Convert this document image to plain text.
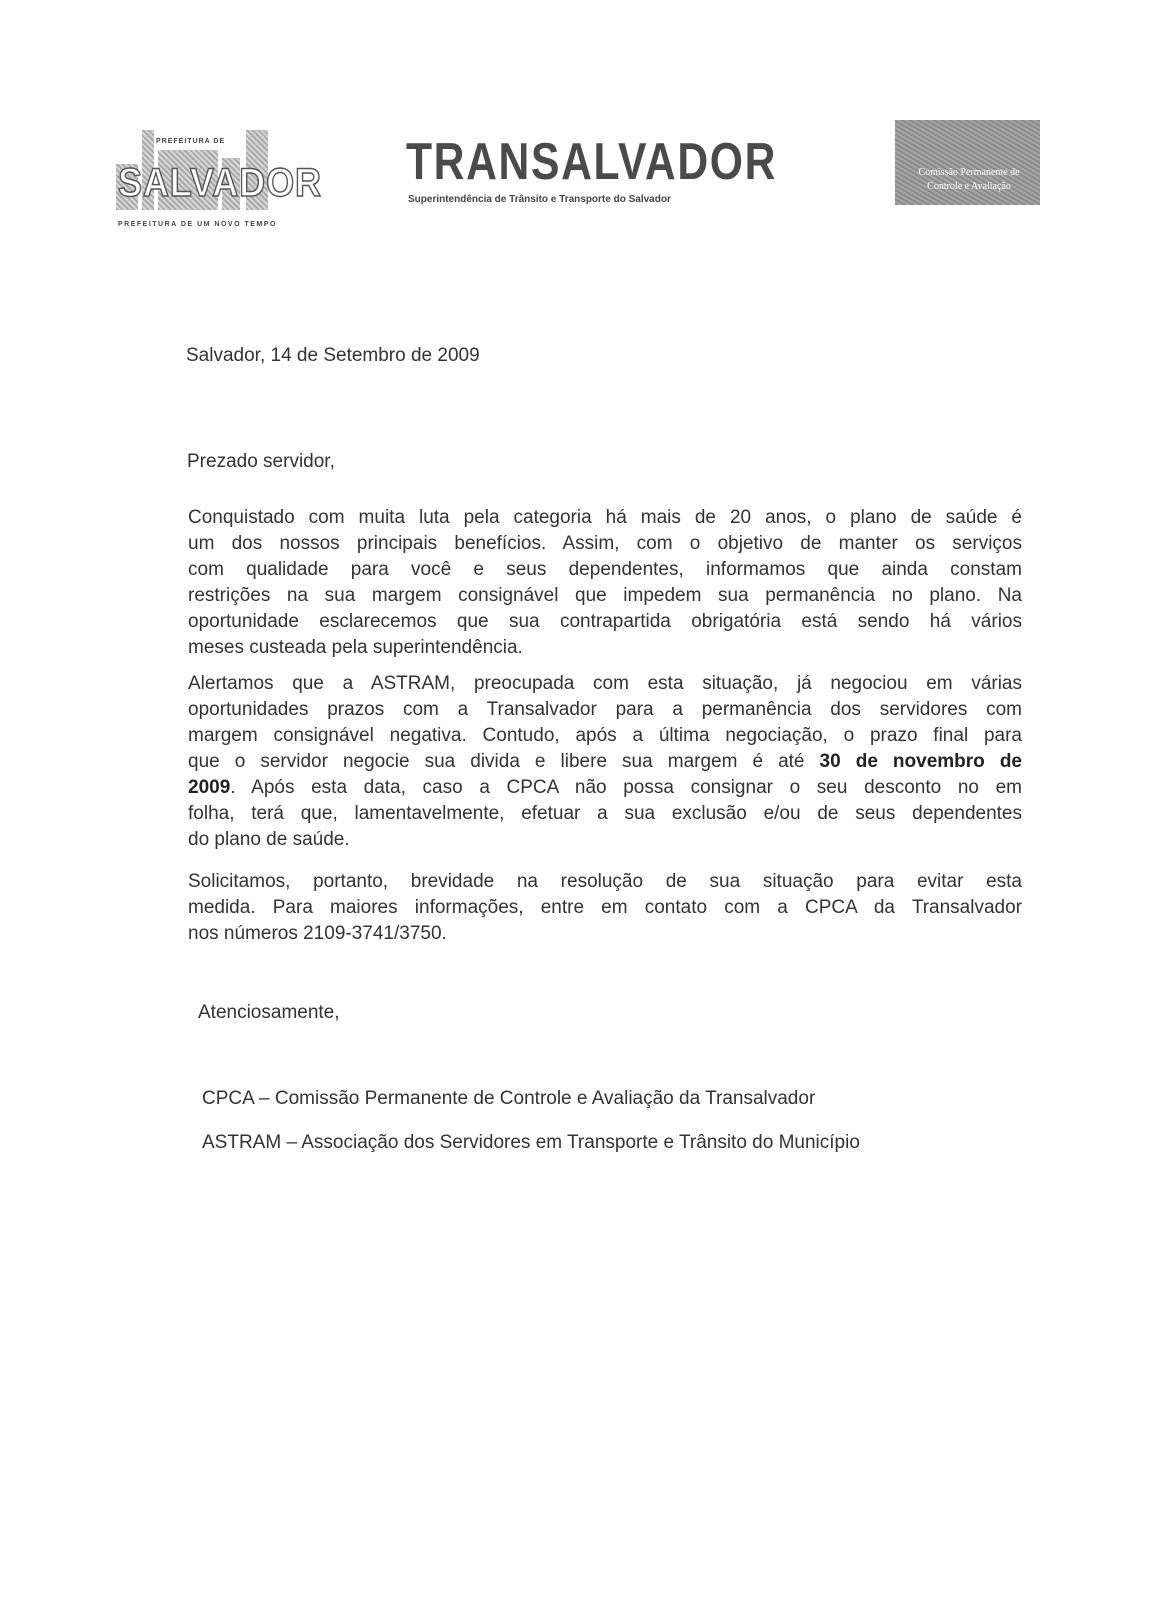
PREFEITURA DE
SALVADOR
PREFEITURA DE UM NOVO TEMPO
TRANSALVADOR
Superintendência de Trânsito e Transporte do Salvador
Comissão Permanente de
Controle e Avaliação
Salvador, 14 de Setembro de 2009
Prezado servidor,
Conquistado com muita luta pela categoria há mais de 20 anos, o plano de saúde é
um dos nossos principais benefícios. Assim, com o objetivo de manter os serviços
com qualidade para você e seus dependentes, informamos que ainda constam
restrições na sua margem consignável que impedem sua permanência no plano. Na
oportunidade esclarecemos que sua contrapartida obrigatória está sendo há vários
meses custeada pela superintendência.
Alertamos que a ASTRAM, preocupada com esta situação, já negociou em várias
oportunidades prazos com a Transalvador para a permanência dos servidores com
margem consignável negativa. Contudo, após a última negociação, o prazo final para
que o servidor negocie sua divida e libere sua margem é até 30 de novembro de
2009. Após esta data, caso a CPCA não possa consignar o seu desconto no em
folha, terá que, lamentavelmente, efetuar a sua exclusão e/ou de seus dependentes
do plano de saúde.
Solicitamos, portanto, brevidade na resolução de sua situação para evitar esta
medida. Para maiores informações, entre em contato com a CPCA da Transalvador
nos números 2109-3741/3750.
Atenciosamente,
CPCA – Comissão Permanente de Controle e Avaliação da Transalvador
ASTRAM – Associação dos Servidores em Transporte e Trânsito do Município
